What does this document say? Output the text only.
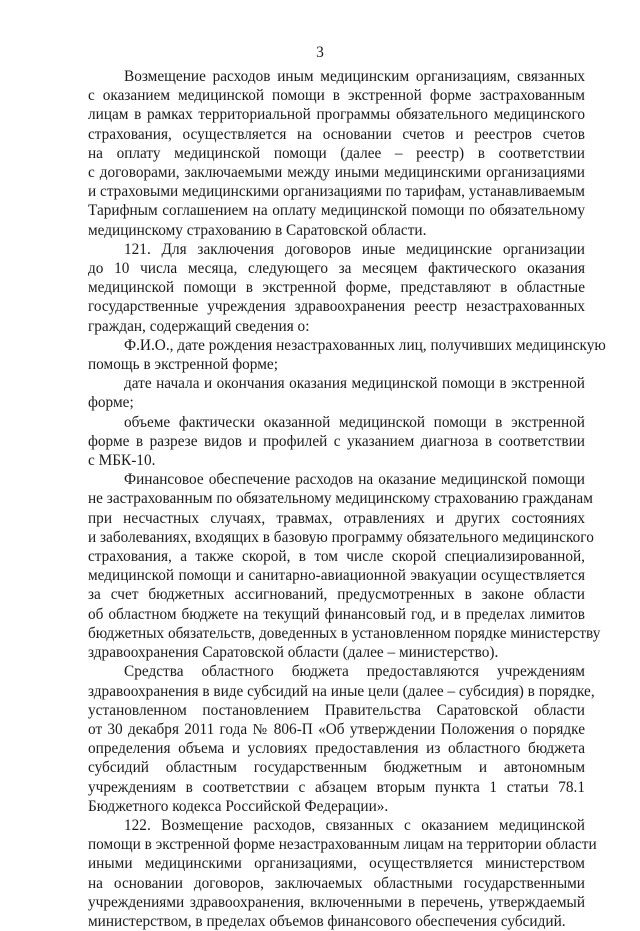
3

Возмещение расходов иным медицинским организациям, связанных
с оказанием медицинской помощи в экстренной форме застрахованным
лицам в рамках территориальной программы обязательного медицинского
страхования, осуществляется на основании счетов и реестров счетов
на оплату медицинской помощи (далее – реестр) в соответствии
с договорами, заключаемыми между иными медицинскими организациями
и страховыми медицинскими организациями по тарифам, устанавливаемым
Тарифным соглашением на оплату медицинской помощи по обязательному
медицинскому страхованию в Саратовской области.

121. Для заключения договоров иные медицинские организации
до 10 числа месяца, следующего за месяцем фактического оказания
медицинской помощи в экстренной форме, представляют в областные
государственные учреждения здравоохранения реестр незастрахованных
граждан, содержащий сведения о:

Ф.И.О., дате рождения незастрахованных лиц, получивших медицинскую
помощь в экстренной форме;

дате начала и окончания оказания медицинской помощи в экстренной
форме;

объеме фактически оказанной медицинской помощи в экстренной
форме в разрезе видов и профилей с указанием диагноза в соответствии
с МБК-10.

Финансовое обеспечение расходов на оказание медицинской помощи
не застрахованным по обязательному медицинскому страхованию гражданам
при несчастных случаях, травмах, отравлениях и других состояниях
и заболеваниях, входящих в базовую программу обязательного медицинского
страхования, а также скорой, в том числе скорой специализированной,
медицинской помощи и санитарно-авиационной эвакуации осуществляется
за счет бюджетных ассигнований, предусмотренных в законе области
об областном бюджете на текущий финансовый год, и в пределах лимитов
бюджетных обязательств, доведенных в установленном порядке министерству
здравоохранения Саратовской области (далее – министерство).

Средства областного бюджета предоставляются учреждениям
здравоохранения в виде субсидий на иные цели (далее – субсидия) в порядке,
установленном постановлением Правительства Саратовской области
от 30 декабря 2011 года № 806-П «Об утверждении Положения о порядке
определения объема и условиях предоставления из областного бюджета
субсидий областным государственным бюджетным и автономным
учреждениям в соответствии с абзацем вторым пункта 1 статьи 78.1
Бюджетного кодекса Российской Федерации».

122. Возмещение расходов, связанных с оказанием медицинской
помощи в экстренной форме незастрахованным лицам на территории области
иными медицинскими организациями, осуществляется министерством
на основании договоров, заключаемых областными государственными
учреждениями здравоохранения, включенными в перечень, утверждаемый
министерством, в пределах объемов финансового обеспечения субсидий.
